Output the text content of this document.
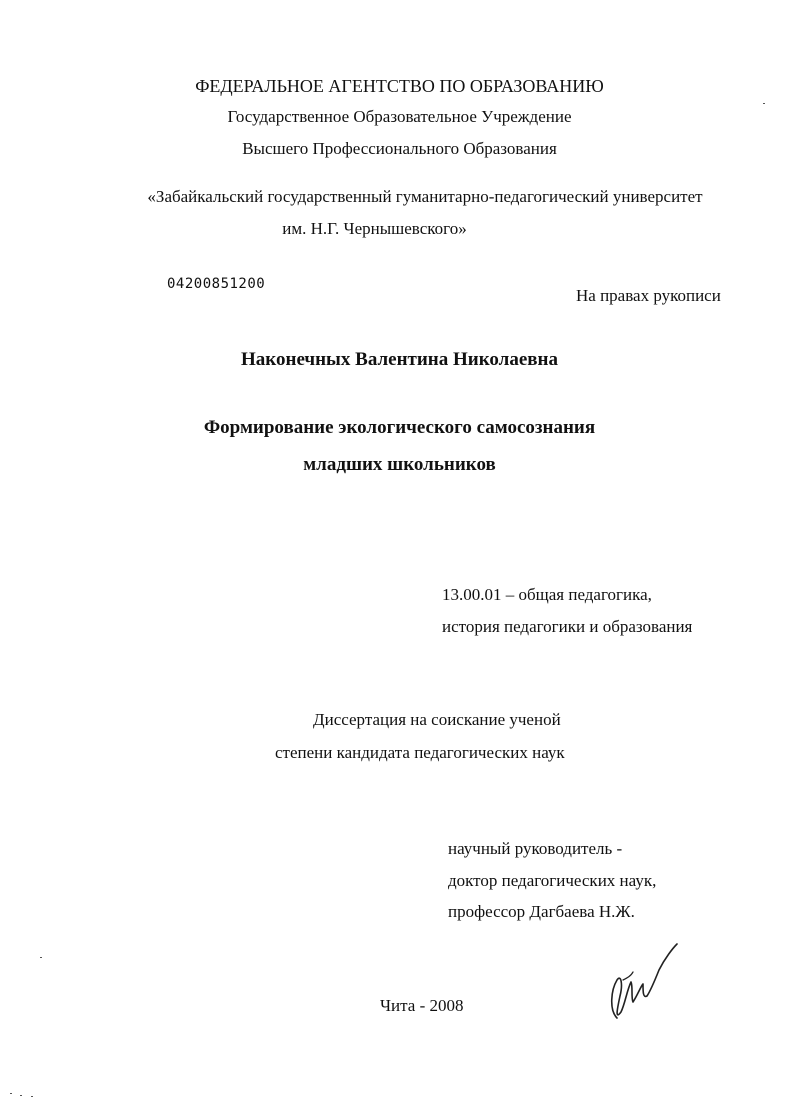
ФЕДЕРАЛЬНОЕ АГЕНТСТВО ПО ОБРАЗОВАНИЮ
Государственное Образовательное Учреждение
Высшего Профессионального Образования
«Забайкальский государственный гуманитарно-педагогический университет
им. Н.Г. Чернышевского»
04200851200
На правах рукописи
Наконечных Валентина Николаевна
Формирование экологического самосознания
младших школьников
13.00.01 – общая педагогика,
история педагогики и образования
Диссертация на соискание ученой
степени кандидата педагогических наук
научный руководитель -
доктор педагогических наук,
профессор Дагбаева Н.Ж.
Чита - 2008
